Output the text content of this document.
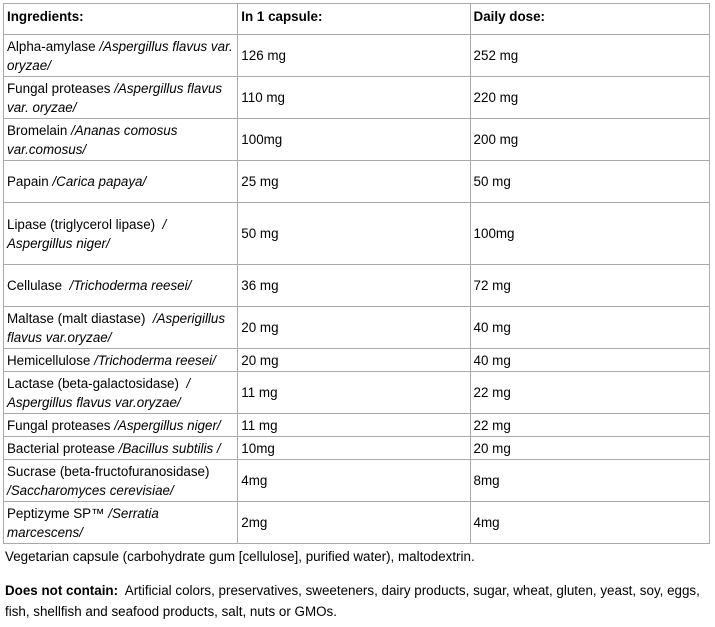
Ingredients:	In 1 capsule:	Daily dose:
Alpha-amylase /Aspergillus flavus var. oryzae/	126 mg	252 mg
Fungal proteases /Aspergillus flavus var. oryzae/	110 mg	220 mg
Bromelain /Ananas comosus var.comosus/	100mg	200 mg
Papain /Carica papaya/	25 mg	50 mg
Lipase (triglycerol lipase)  / Aspergillus niger/	50 mg	100mg
Cellulase  /Trichoderma reesei/	36 mg	72 mg
Maltase (malt diastase)  /Asperigillus flavus var.oryzae/	20 mg	40 mg
Hemicellulose /Trichoderma reesei/	20 mg	40 mg
Lactase (beta-galactosidase)  / Aspergillus flavus var.oryzae/	11 mg	22 mg
Fungal proteases /Aspergillus niger/	11 mg	22 mg
Bacterial protease /Bacillus subtilis /	10mg	20 mg
Sucrase (beta-fructofuranosidase) /Saccharomyces cerevisiae/	4mg	8mg
Peptizyme SP™ /Serratia marcescens/	2mg	4mg
Vegetarian capsule (carbohydrate gum [cellulose], purified water), maltodextrin.
Does not contain:  Artificial colors, preservatives, sweeteners, dairy products, sugar, wheat, gluten, yeast, soy, eggs, fish, shellfish and seafood products, salt, nuts or GMOs.
